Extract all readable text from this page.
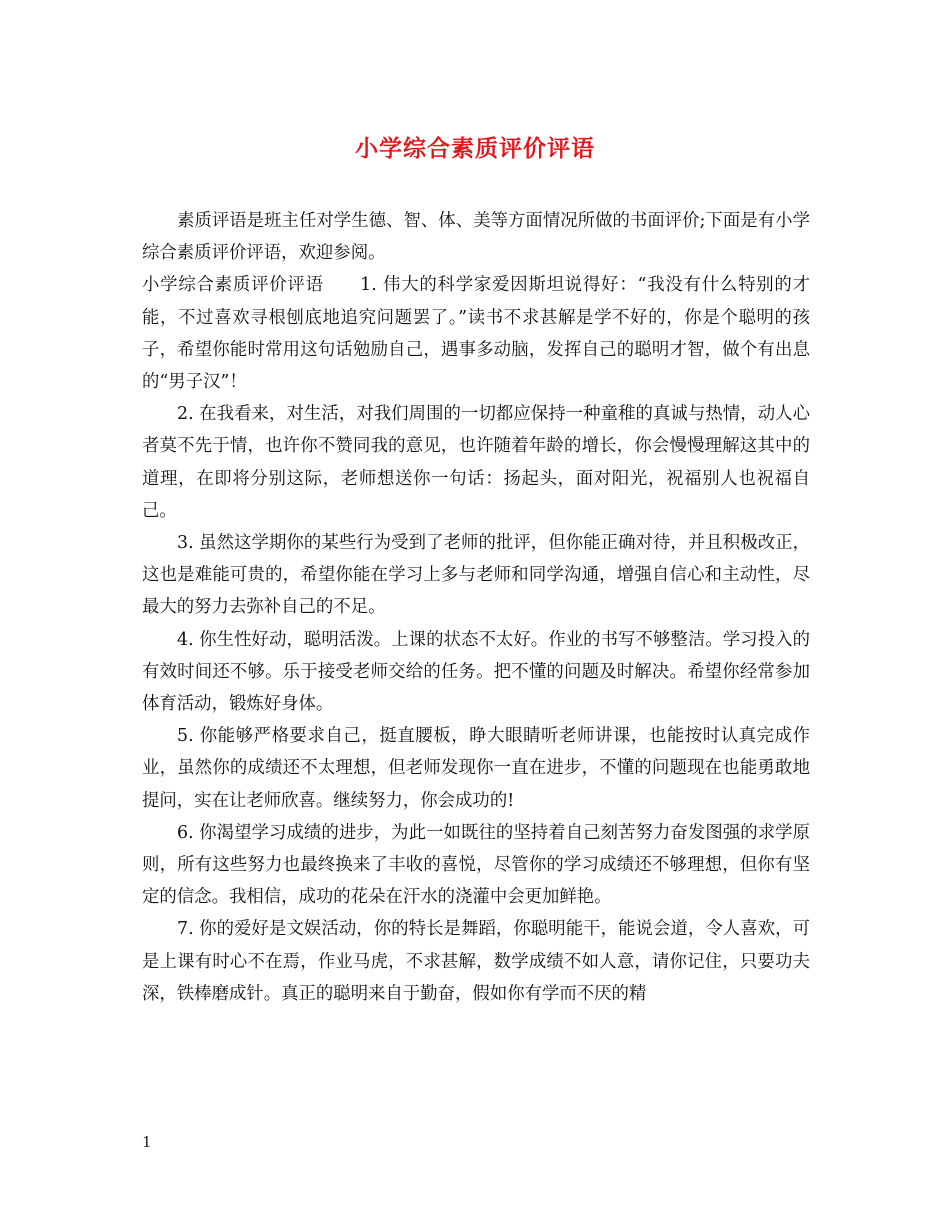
小学综合素质评价评语

素质评语是班主任对学生德、智、体、美等方面情况所做的书面评价;下面是有小学综合素质评价评语，欢迎参阅。

小学综合素质评价评语　　1. 伟大的科学家爱因斯坦说得好：“我没有什么特别的才能，不过喜欢寻根刨底地追究问题罢了。”读书不求甚解是学不好的，你是个聪明的孩子，希望你能时常用这句话勉励自己，遇事多动脑，发挥自己的聪明才智，做个有出息的“男子汉”！

2. 在我看来，对生活，对我们周围的一切都应保持一种童稚的真诚与热情，动人心者莫不先于情，也许你不赞同我的意见，也许随着年龄的增长，你会慢慢理解这其中的道理，在即将分别这际，老师想送你一句话：扬起头，面对阳光，祝福别人也祝福自己。

3. 虽然这学期你的某些行为受到了老师的批评，但你能正确对待，并且积极改正，这也是难能可贵的，希望你能在学习上多与老师和同学沟通，增强自信心和主动性，尽最大的努力去弥补自己的不足。

4. 你生性好动，聪明活泼。上课的状态不太好。作业的书写不够整洁。学习投入的有效时间还不够。乐于接受老师交给的任务。把不懂的问题及时解决。希望你经常参加体育活动，锻炼好身体。

5. 你能够严格要求自己，挺直腰板，睁大眼睛听老师讲课，也能按时认真完成作业，虽然你的成绩还不太理想，但老师发现你一直在进步，不懂的问题现在也能勇敢地提问，实在让老师欣喜。继续努力，你会成功的!

6. 你渴望学习成绩的进步，为此一如既往的坚持着自己刻苦努力奋发图强的求学原则，所有这些努力也最终换来了丰收的喜悦，尽管你的学习成绩还不够理想，但你有坚定的信念。我相信，成功的花朵在汗水的浇灌中会更加鲜艳。

7. 你的爱好是文娱活动，你的特长是舞蹈，你聪明能干，能说会道，令人喜欢，可是上课有时心不在焉，作业马虎，不求甚解，数学成绩不如人意，请你记住，只要功夫深，铁棒磨成针。真正的聪明来自于勤奋，假如你有学而不厌的精

1
